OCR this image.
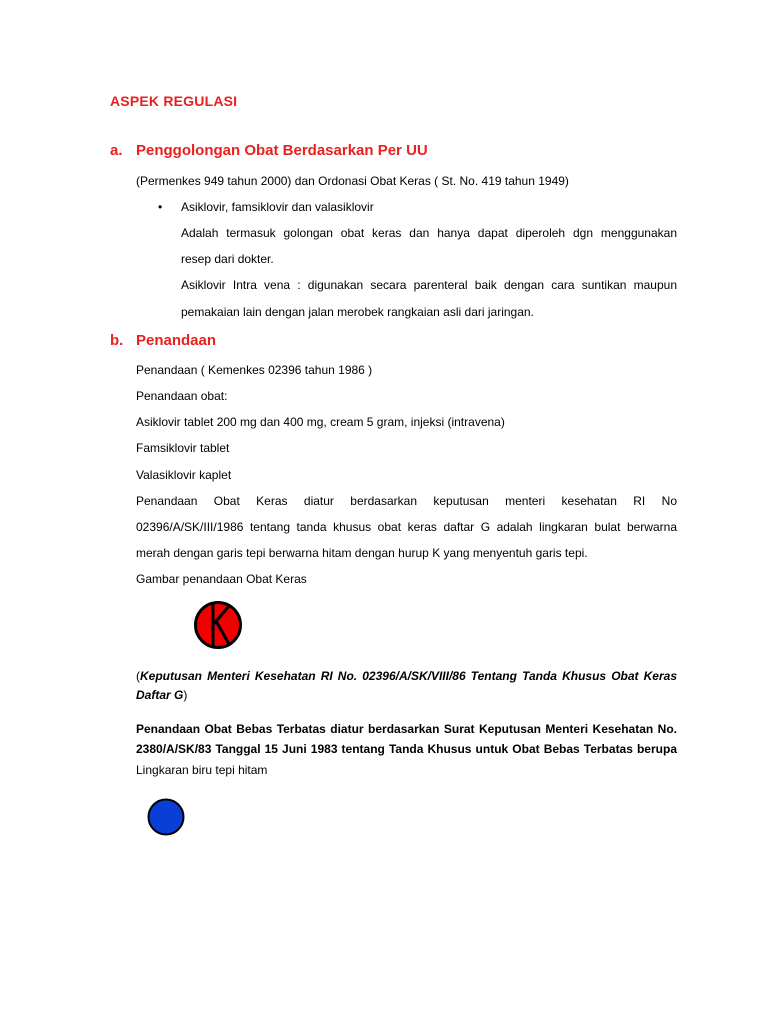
ASPEK REGULASI
a. Penggolongan Obat Berdasarkan Per UU
(Permenkes 949 tahun 2000) dan Ordonasi Obat Keras ( St. No. 419 tahun 1949)
• Asiklovir, famsiklovir dan valasiklovir
Adalah termasuk golongan obat keras dan hanya dapat diperoleh dgn menggunakan
resep dari dokter.
Asiklovir Intra vena : digunakan secara parenteral baik dengan cara suntikan maupun
pemakaian lain dengan jalan merobek rangkaian asli dari jaringan.
b. Penandaan
Penandaan ( Kemenkes 02396 tahun 1986 )
Penandaan obat:
Asiklovir tablet 200 mg dan 400 mg, cream 5 gram, injeksi (intravena)
Famsiklovir tablet
Valasiklovir kaplet
Penandaan Obat Keras diatur berdasarkan keputusan menteri kesehatan RI No
02396/A/SK/III/1986 tentang tanda khusus obat keras daftar G adalah lingkaran bulat berwarna
merah dengan garis tepi berwarna hitam dengan hurup K yang menyentuh garis tepi.
Gambar penandaan Obat Keras
(Keputusan Menteri Kesehatan RI No. 02396/A/SK/VIII/86 Tentang Tanda Khusus Obat Keras
Daftar G)
Penandaan Obat Bebas Terbatas diatur berdasarkan Surat Keputusan Menteri Kesehatan No.
2380/A/SK/83 Tanggal 15 Juni 1983 tentang Tanda Khusus untuk Obat Bebas Terbatas berupa
Lingkaran biru tepi hitam
